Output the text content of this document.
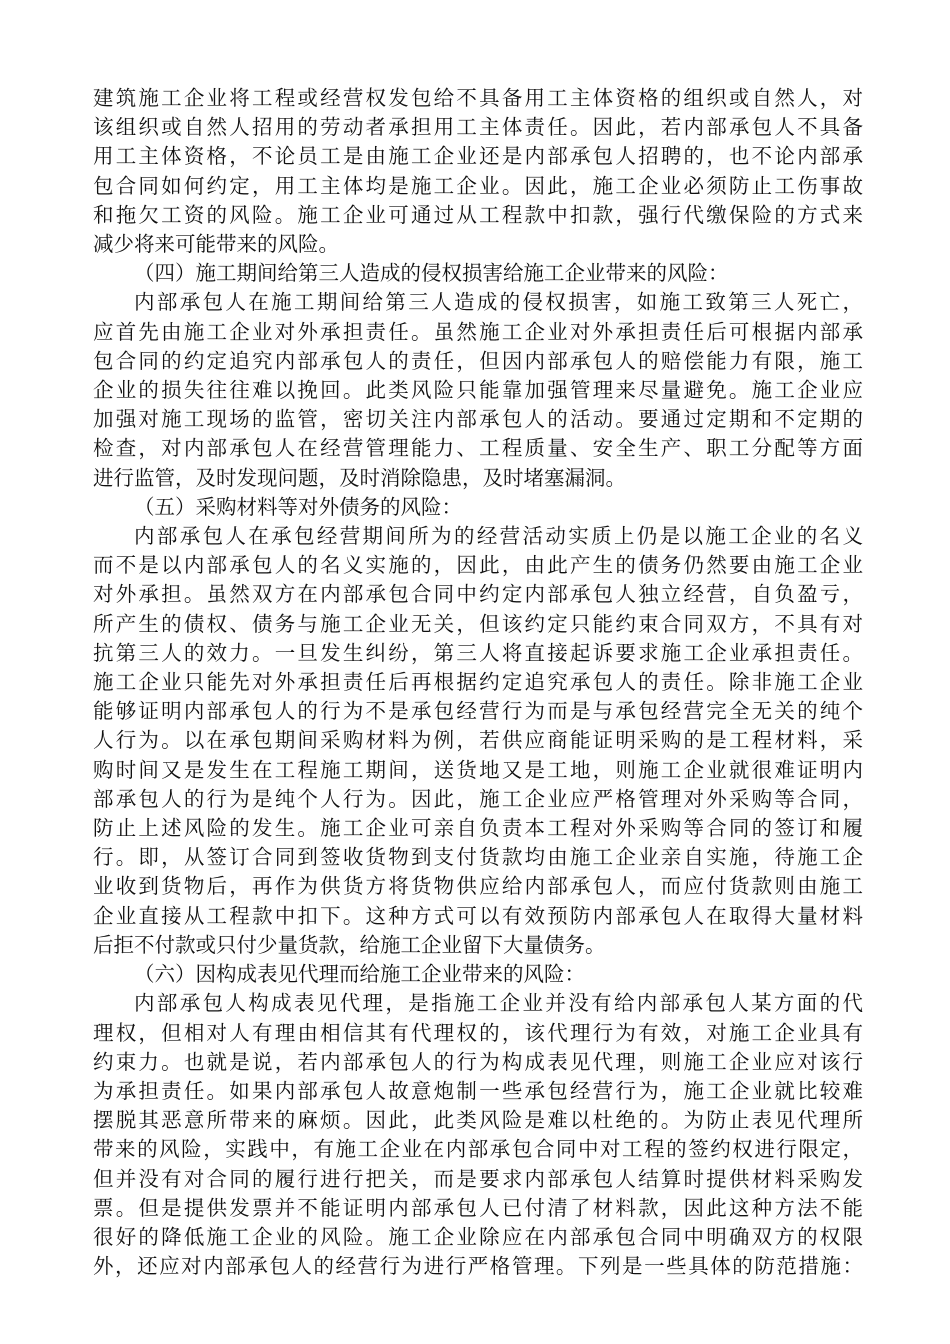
建筑施工企业将工程或经营权发包给不具备用工主体资格的组织或自然人，对
该组织或自然人招用的劳动者承担用工主体责任。因此，若内部承包人不具备
用工主体资格，不论员工是由施工企业还是内部承包人招聘的，也不论内部承
包合同如何约定，用工主体均是施工企业。因此，施工企业必须防止工伤事故
和拖欠工资的风险。施工企业可通过从工程款中扣款，强行代缴保险的方式来
减少将来可能带来的风险。
（四）施工期间给第三人造成的侵权损害给施工企业带来的风险：
内部承包人在施工期间给第三人造成的侵权损害，如施工致第三人死亡，
应首先由施工企业对外承担责任。虽然施工企业对外承担责任后可根据内部承
包合同的约定追究内部承包人的责任，但因内部承包人的赔偿能力有限，施工
企业的损失往往难以挽回。此类风险只能靠加强管理来尽量避免。施工企业应
加强对施工现场的监管，密切关注内部承包人的活动。要通过定期和不定期的
检查，对内部承包人在经营管理能力、工程质量、安全生产、职工分配等方面
进行监管，及时发现问题，及时消除隐患，及时堵塞漏洞。
（五）采购材料等对外债务的风险：
内部承包人在承包经营期间所为的经营活动实质上仍是以施工企业的名义
而不是以内部承包人的名义实施的，因此，由此产生的债务仍然要由施工企业
对外承担。虽然双方在内部承包合同中约定内部承包人独立经营，自负盈亏，
所产生的债权、债务与施工企业无关，但该约定只能约束合同双方，不具有对
抗第三人的效力。一旦发生纠纷，第三人将直接起诉要求施工企业承担责任。
施工企业只能先对外承担责任后再根据约定追究承包人的责任。除非施工企业
能够证明内部承包人的行为不是承包经营行为而是与承包经营完全无关的纯个
人行为。以在承包期间采购材料为例，若供应商能证明采购的是工程材料，采
购时间又是发生在工程施工期间，送货地又是工地，则施工企业就很难证明内
部承包人的行为是纯个人行为。因此，施工企业应严格管理对外采购等合同，
防止上述风险的发生。施工企业可亲自负责本工程对外采购等合同的签订和履
行。即，从签订合同到签收货物到支付货款均由施工企业亲自实施，待施工企
业收到货物后，再作为供货方将货物供应给内部承包人，而应付货款则由施工
企业直接从工程款中扣下。这种方式可以有效预防内部承包人在取得大量材料
后拒不付款或只付少量货款，给施工企业留下大量债务。
（六）因构成表见代理而给施工企业带来的风险：
内部承包人构成表见代理，是指施工企业并没有给内部承包人某方面的代
理权，但相对人有理由相信其有代理权的，该代理行为有效，对施工企业具有
约束力。也就是说，若内部承包人的行为构成表见代理，则施工企业应对该行
为承担责任。如果内部承包人故意炮制一些承包经营行为，施工企业就比较难
摆脱其恶意所带来的麻烦。因此，此类风险是难以杜绝的。为防止表见代理所
带来的风险，实践中，有施工企业在内部承包合同中对工程的签约权进行限定，
但并没有对合同的履行进行把关，而是要求内部承包人结算时提供材料采购发
票。但是提供发票并不能证明内部承包人已付清了材料款，因此这种方法不能
很好的降低施工企业的风险。施工企业除应在内部承包合同中明确双方的权限
外，还应对内部承包人的经营行为进行严格管理。下列是一些具体的防范措施：
